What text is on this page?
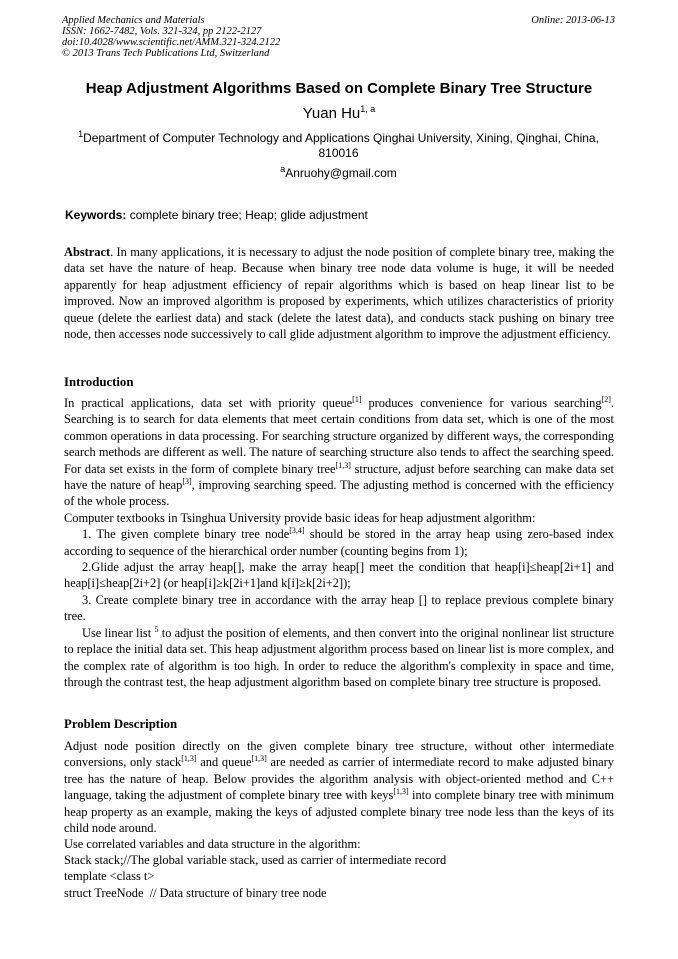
Applied Mechanics and Materials
ISSN: 1662-7482, Vols. 321-324, pp 2122-2127
doi:10.4028/www.scientific.net/AMM.321-324.2122
© 2013 Trans Tech Publications Ltd, Switzerland
Online: 2013-06-13
Heap Adjustment Algorithms Based on Complete Binary Tree Structure
Yuan Hu$^{1, a}$
$^1$Department of Computer Technology and Applications Qinghai University, Xining, Qinghai, China,
810016
$^a$Anruohy@gmail.com
Keywords: complete binary tree; Heap; glide adjustment

Abstract. In many applications, it is necessary to adjust the node position of complete binary tree, making the data set have the nature of heap. Because when binary tree node data volume is huge, it will be needed apparently for heap adjustment efficiency of repair algorithms which is based on heap linear list to be improved. Now an improved algorithm is proposed by experiments, which utilizes characteristics of priority queue (delete the earliest data) and stack (delete the latest data), and conducts stack pushing on binary tree node, then accesses node successively to call glide adjustment algorithm to improve the adjustment efficiency.

Introduction

In practical applications, data set with priority queue[1] produces convenience for various searching[2]. Searching is to search for data elements that meet certain conditions from data set, which is one of the most common operations in data processing. For searching structure organized by different ways, the corresponding search methods are different as well. The nature of searching structure also tends to affect the searching speed. For data set exists in the form of complete binary tree[1,3] structure, adjust before searching can make data set have the nature of heap[3], improving searching speed. The adjusting method is concerned with the efficiency of the whole process.

Computer textbooks in Tsinghua University provide basic ideas for heap adjustment algorithm:

1. The given complete binary tree node[3,4] should be stored in the array heap using zero-based index according to sequence of the hierarchical order number (counting begins from 1);

2.Glide adjust the array heap[], make the array heap[] meet the condition that heap[i]≤heap[2i+1] and heap[i]≤heap[2i+2] (or heap[i]≥k[2i+1]and k[i]≥k[2i+2]);

3. Create complete binary tree in accordance with the array heap [] to replace previous complete binary tree.

Use linear list $^5$ to adjust the position of elements, and then convert into the original nonlinear list structure to replace the initial data set. This heap adjustment algorithm process based on linear list is more complex, and the complex rate of algorithm is too high. In order to reduce the algorithm's complexity in space and time, through the contrast test, the heap adjustment algorithm based on complete binary tree structure is proposed.

Problem Description

Adjust node position directly on the given complete binary tree structure, without other intermediate conversions, only stack[1,3] and queue[1,3] are needed as carrier of intermediate record to make adjusted binary tree has the nature of heap. Below provides the algorithm analysis with object-oriented method and C++ language, taking the adjustment of complete binary tree with keys[1,3] into complete binary tree with minimum heap property as an example, making the keys of adjusted complete binary tree node less than the keys of its child node around.

Use correlated variables and data structure in the algorithm:

Stack stack;//The global variable stack, used as carrier of intermediate record
template <class t>
struct TreeNode  // Data structure of binary tree node
